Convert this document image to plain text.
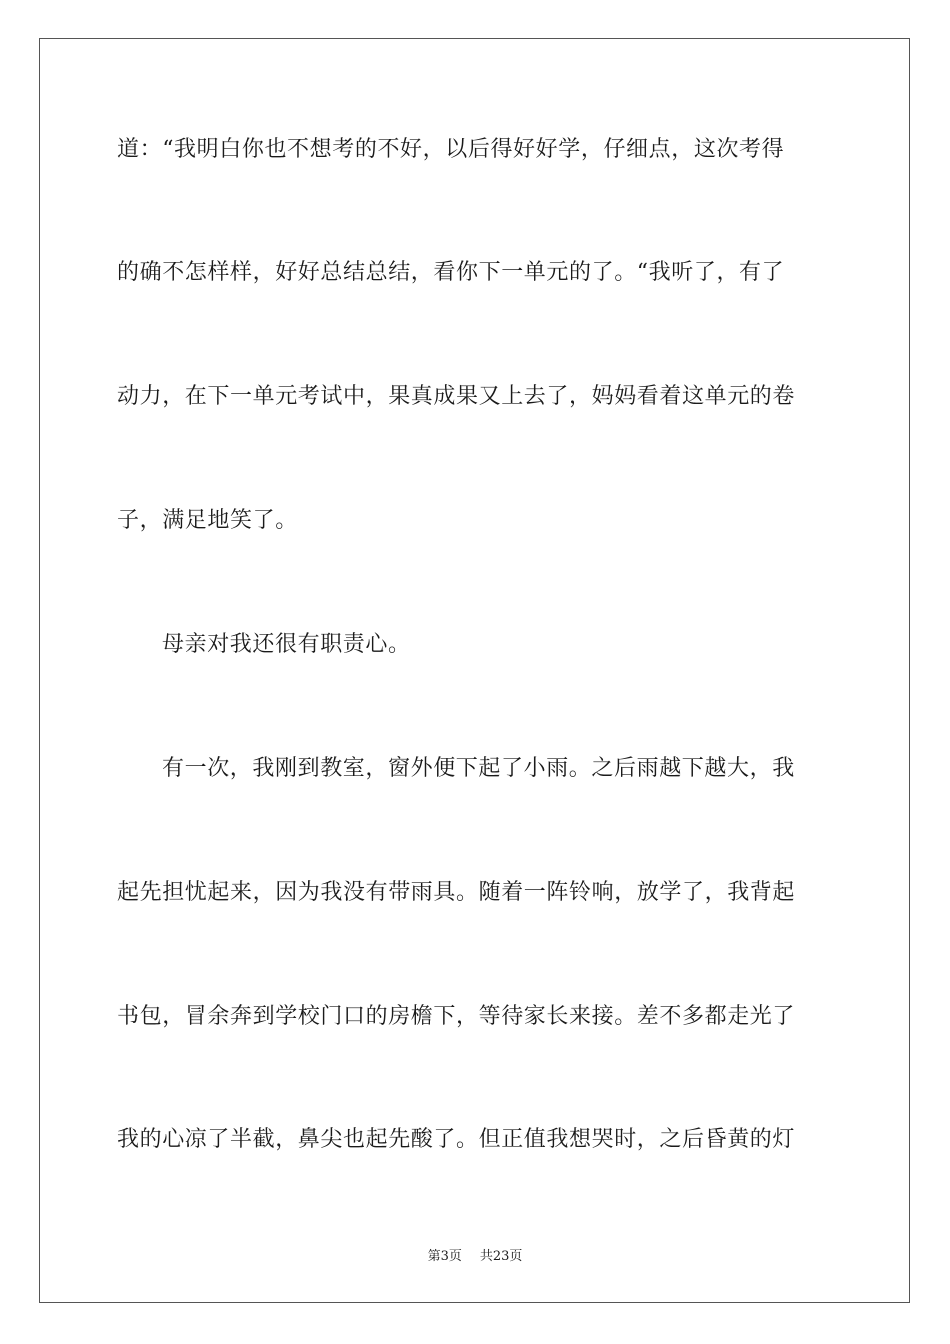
道：“我明白你也不想考的不好，以后得好好学，仔细点，这次考得
的确不怎样样，好好总结总结，看你下一单元的了。“我听了，有了
动力，在下一单元考试中，果真成果又上去了，妈妈看着这单元的卷
子，满足地笑了。
母亲对我还很有职责心。
有一次，我刚到教室，窗外便下起了小雨。之后雨越下越大，我
起先担忧起来，因为我没有带雨具。随着一阵铃响，放学了，我背起
书包，冒余奔到学校门口的房檐下，等待家长来接。差不多都走光了
我的心凉了半截，鼻尖也起先酸了。但正值我想哭时，之后昏黄的灯
第3页 共23页
